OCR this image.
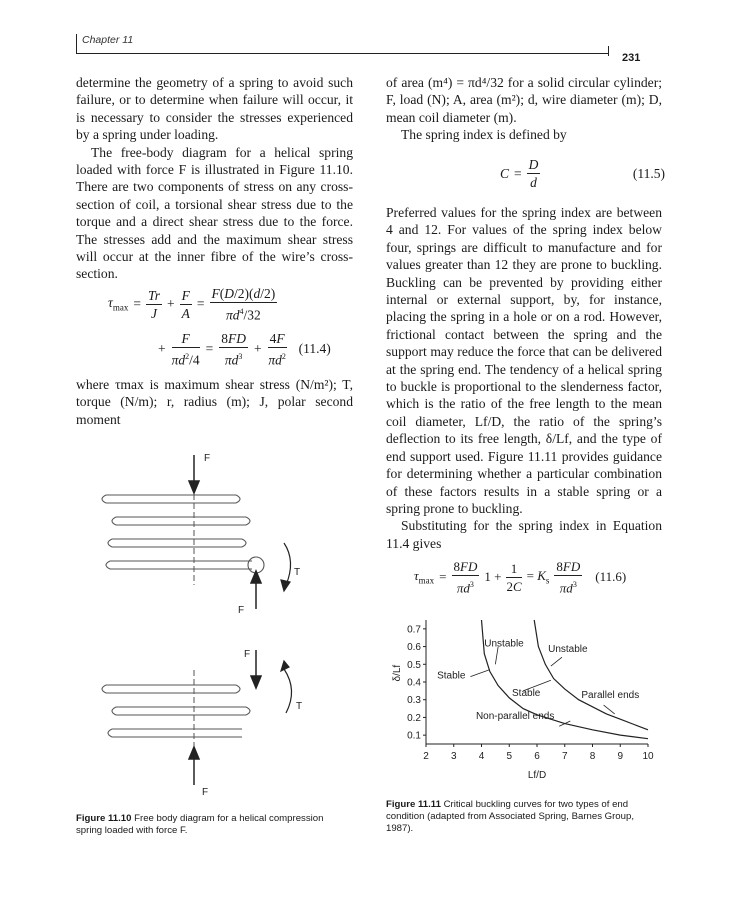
Chapter 11
231

determine the geometry of a spring to avoid such failure, or to determine when failure will occur, it is necessary to consider the stresses experienced by a spring under loading.

The free-body diagram for a helical spring loaded with force F is illustrated in Figure 11.10. There are two components of stress on any cross-section of coil, a torsional shear stress due to the torque and a direct shear stress due to the force. The stresses add and the maximum shear stress will occur at the inner fibre of the wire’s cross-section.

$\tau_{max} = \frac{Tr}{J} + \frac{F}{A} = \frac{F(D/2)(d/2)}{\pi d^4/32}$
+ $\frac{F}{\pi d^2/4} = \frac{8FD}{\pi d^3} + \frac{4F}{\pi d^2} (11.4)$

where τmax is maximum shear stress (N/m²); T, torque (N/m); r, radius (m); J, polar second moment

F
T
F
F
T
F
Figure 11.10 Free body diagram for a helical compression spring loaded with force F.

of area (m⁴) = πd⁴/32 for a solid circular cylinder; F, load (N); A, area (m²); d, wire diameter (m); D, mean coil diameter (m).

The spring index is defined by

$C = \frac{D}{d}$	(11.5)

Preferred values for the spring index are between 4 and 12. For values of the spring index below four, springs are difficult to manufacture and for values greater than 12 they are prone to buckling. Buckling can be prevented by providing either internal or external support, by, for instance, placing the spring in a hole or on a rod. However, frictional contact between the spring and the support may reduce the force that can be delivered at the spring end. The tendency of a helical spring to buckle is proportional to the slenderness factor, which is the ratio of the free length to the mean coil diameter, Lf/D, the ratio of the spring’s deflection to its free length, δ/Lf, and the type of end support used. Figure 11.11 provides guidance for determining whether a particular combination of these factors results in a stable spring or a spring prone to buckling.

Substituting for the spring index in Equation 11.4 gives

$\tau_{max} = \frac{8FD}{\pi d^3} 1 + \frac{1}{2C} = K_s \frac{8FD}{\pi d^3} (11.6)$
2 3 4 5 6 7 8 9 10
0.1
0.2
0.3
0.4
0.5
0.6
0.7
Unstable Unstable
Stable
Stable	Parallel ends
Non-parallel ends
Lf/D
δ/Lf
Figure 11.11 Critical buckling curves for two types of end condition (adapted from Associated Spring, Barnes Group, 1987).
